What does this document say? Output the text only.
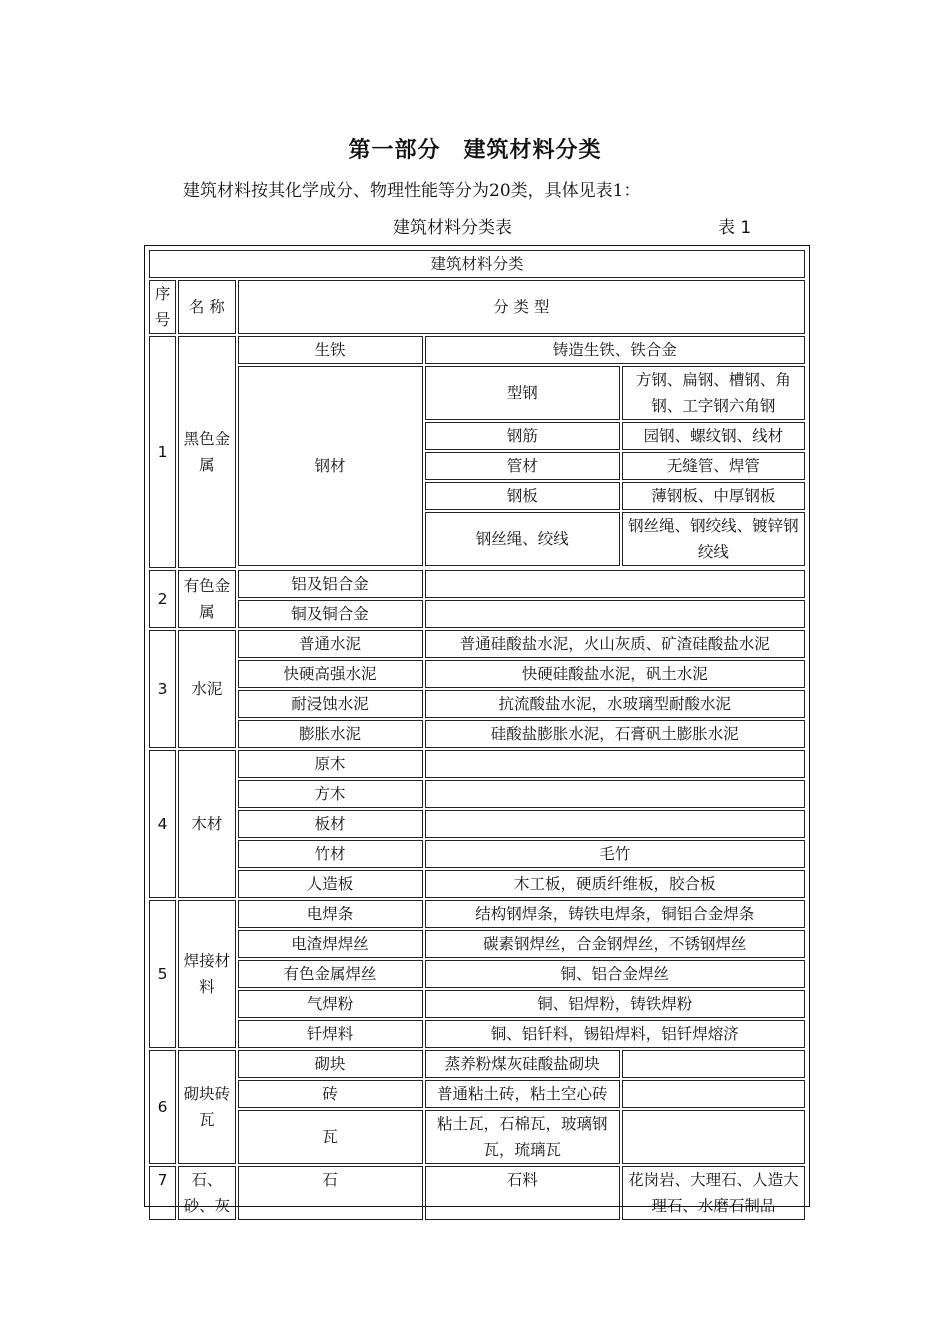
第一部分　建筑材料分类
建筑材料按其化学成分、物理性能等分为20类，具体见表1：
建筑材料分类表	表 1
建筑材料分类				
序号	名 称	分 类 型		
1	黑色金属	生铁	铸造生铁、铁合金	
		钢材	型钢	方钢、扁钢、槽钢、角钢、工字钢六角钢
			钢筋	园钢、螺纹钢、线材
			管材	无缝管、焊管
			钢板	薄钢板、中厚钢板
			钢丝绳、绞线	钢丝绳、钢绞线、镀锌钢绞线

2	有色金属	铝及铝合金		
		铜及铜合金		
3	水泥	普通水泥	普通硅酸盐水泥，火山灰质、矿渣硅酸盐水泥	
		快硬高强水泥	快硬硅酸盐水泥，矾土水泥	
		耐浸蚀水泥	抗流酸盐水泥，水玻璃型耐酸水泥	
		膨胀水泥	硅酸盐膨胀水泥，石膏矾土膨胀水泥	
4	木材	原木		
		方木		
		板材		
		竹材	毛竹	
		人造板	木工板，硬质纤维板，胶合板	
5	焊接材料	电焊条	结构钢焊条，铸铁电焊条，铜铝合金焊条	
		电渣焊焊丝	碳素钢焊丝，合金钢焊丝，不锈钢焊丝	
		有色金属焊丝	铜、铝合金焊丝	
		气焊粉	铜、铝焊粉，铸铁焊粉	
		钎焊料	铜、铝钎料，锡铅焊料，铝钎焊熔济	
6	砌块砖瓦	砌块	蒸养粉煤灰硅酸盐砌块	
		砖	普通粘土砖，粘土空心砖	
		瓦	粘土瓦，石棉瓦，玻璃钢瓦，琉璃瓦	
7	石、砂、灰	石	石料	花岗岩、大理石、人造大理石、水磨石制品
